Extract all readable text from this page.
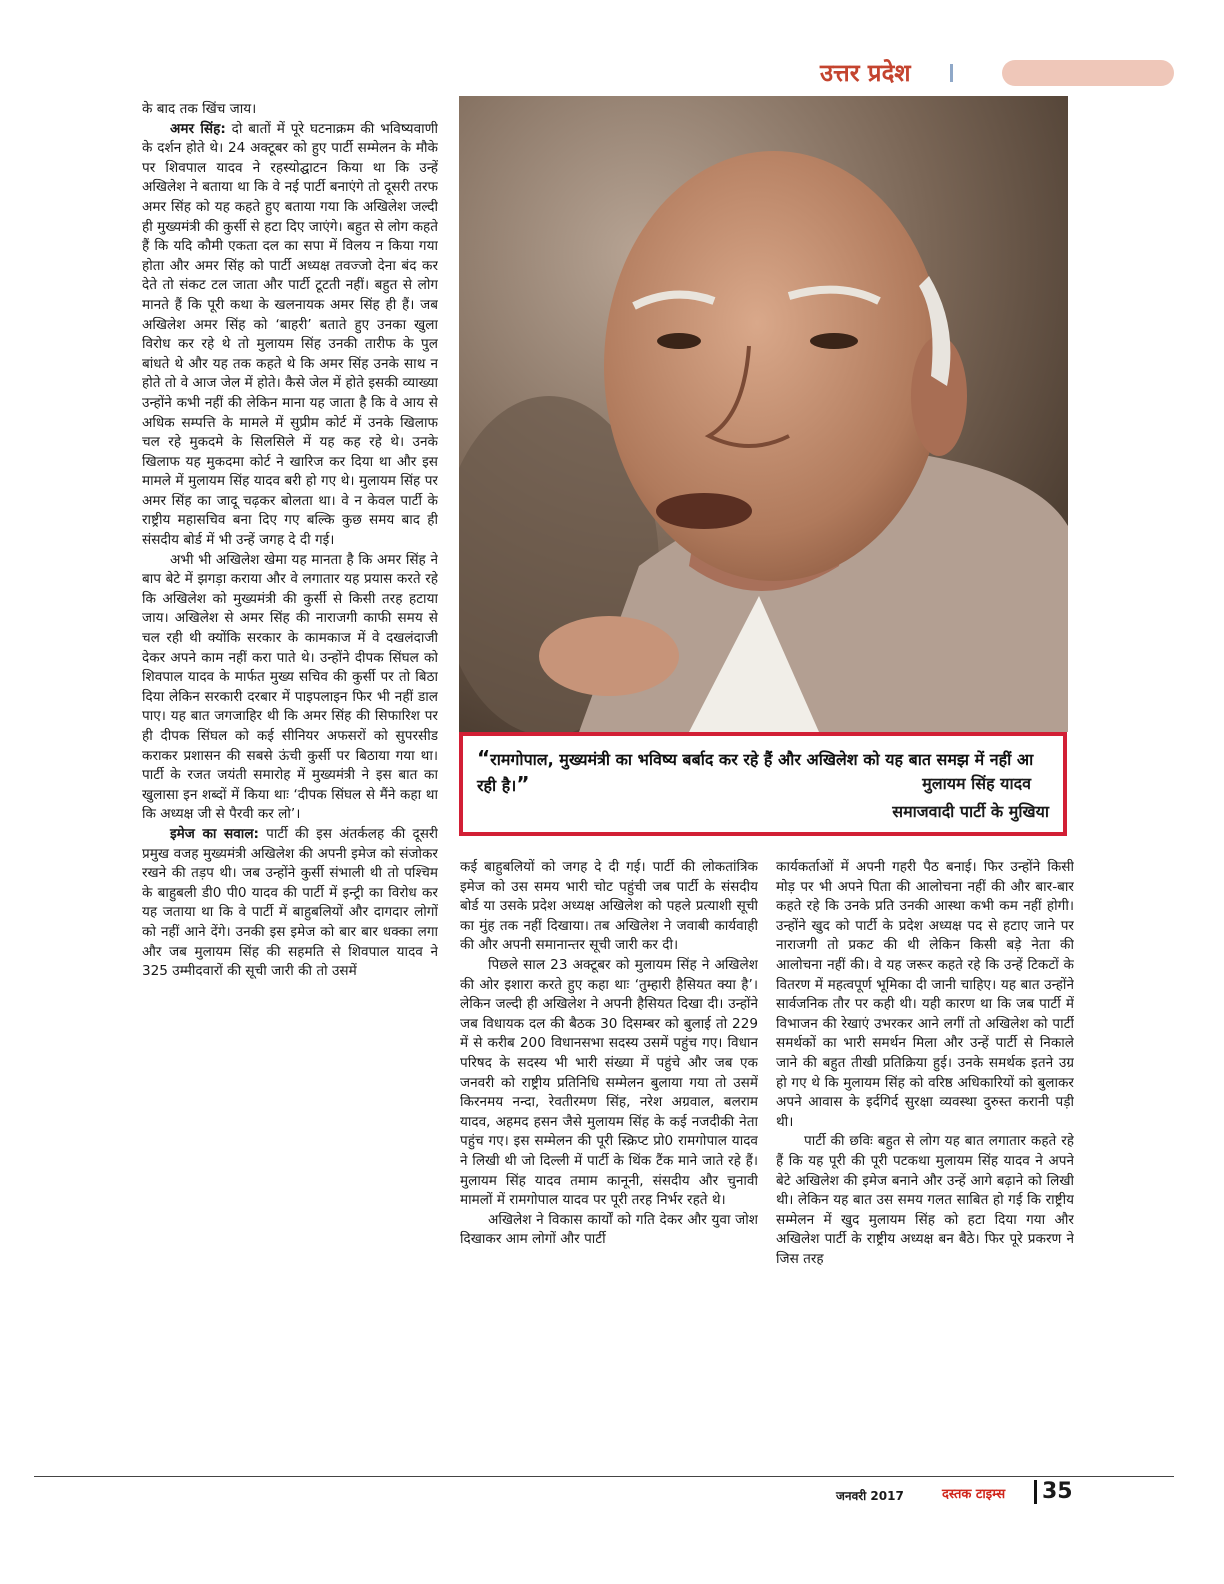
उत्तर प्रदेश

के बाद तक खिंच जाय।

अमर सिंह: दो बातों में पूरे घटनाक्रम की भविष्यवाणी के दर्शन होते थे। 24 अक्टूबर को हुए पार्टी सम्मेलन के मौके पर शिवपाल यादव ने रहस्योद्घाटन किया था कि उन्हें अखिलेश ने बताया था कि वे नई पार्टी बनाएंगे तो दूसरी तरफ अमर सिंह को यह कहते हुए बताया गया कि अखिलेश जल्दी ही मुख्यमंत्री की कुर्सी से हटा दिए जाएंगे। बहुत से लोग कहते हैं कि यदि कौमी एकता दल का सपा में विलय न किया गया होता और अमर सिंह को पार्टी अध्यक्ष तवज्जो देना बंद कर देते तो संकट टल जाता और पार्टी टूटती नहीं। बहुत से लोग मानते हैं कि पूरी कथा के खलनायक अमर सिंह ही हैं। जब अखिलेश अमर सिंह को ‘बाहरी’ बताते हुए उनका खुला विरोध कर रहे थे तो मुलायम सिंह उनकी तारीफ के पुल बांधते थे और यह तक कहते थे कि अमर सिंह उनके साथ न होते तो वे आज जेल में होते। कैसे जेल में होते इसकी व्याख्या उन्होंने कभी नहीं की लेकिन माना यह जाता है कि वे आय से अधिक सम्पत्ति के मामले में सुप्रीम कोर्ट में उनके खिलाफ चल रहे मुकदमे के सिलसिले में यह कह रहे थे। उनके खिलाफ यह मुकदमा कोर्ट ने खारिज कर दिया था और इस मामले में मुलायम सिंह यादव बरी हो गए थे। मुलायम सिंह पर अमर सिंह का जादू चढ़कर बोलता था। वे न केवल पार्टी के राष्ट्रीय महासचिव बना दिए गए बल्कि कुछ समय बाद ही संसदीय बोर्ड में भी उन्हें जगह दे दी गई।

अभी भी अखिलेश खेमा यह मानता है कि अमर सिंह ने बाप बेटे में झगड़ा कराया और वे लगातार यह प्रयास करते रहे कि अखिलेश को मुख्यमंत्री की कुर्सी से किसी तरह हटाया जाय। अखिलेश से अमर सिंह की नाराजगी काफी समय से चल रही थी क्योंकि सरकार के कामकाज में वे दखलंदाजी देकर अपने काम नहीं करा पाते थे। उन्होंने दीपक सिंघल को शिवपाल यादव के मार्फत मुख्य सचिव की कुर्सी पर तो बिठा दिया लेकिन सरकारी दरबार में पाइपलाइन फिर भी नहीं डाल पाए। यह बात जगजाहिर थी कि अमर सिंह की सिफारिश पर ही दीपक सिंघल को कई सीनियर अफसरों को सुपरसीड कराकर प्रशासन की सबसे ऊंची कुर्सी पर बिठाया गया था। पार्टी के रजत जयंती समारोह में मुख्यमंत्री ने इस बात का खुलासा इन शब्दों में किया थाः ‘दीपक सिंघल से मैंने कहा था कि अध्यक्ष जी से पैरवी कर लो’।

इमेज का सवाल: पार्टी की इस अंतर्कलह की दूसरी प्रमुख वजह मुख्यमंत्री अखिलेश की अपनी इमेज को संजोकर रखने की तड़प थी। जब उन्होंने कुर्सी संभाली थी तो पश्चिम के बाहुबली डी0 पी0 यादव की पार्टी में इन्ट्री का विरोध कर यह जताया था कि वे पार्टी में बाहुबलियों और दागदार लोगों को नहीं आने देंगे। उनकी इस इमेज को बार बार धक्का लगा और जब मुलायम सिंह की सहमति से शिवपाल यादव ने 325 उम्मीदवारों की सूची जारी की तो उसमें

“रामगोपाल, मुख्यमंत्री का भविष्य बर्बाद कर रहे हैं और अखिलेश को यह बात समझ में नहीं आ रही है।”	मुलायम सिंह यादव
समाजवादी पार्टी के मुखिया

कई बाहुबलियों को जगह दे दी गई। पार्टी की लोकतांत्रिक इमेज को उस समय भारी चोट पहुंची जब पार्टी के संसदीय बोर्ड या उसके प्रदेश अध्यक्ष अखिलेश को पहले प्रत्याशी सूची का मुंह तक नहीं दिखाया। तब अखिलेश ने जवाबी कार्यवाही की और अपनी समानान्तर सूची जारी कर दी।

पिछले साल 23 अक्टूबर को मुलायम सिंह ने अखिलेश की ओर इशारा करते हुए कहा थाः ‘तुम्हारी हैसियत क्या है’। लेकिन जल्दी ही अखिलेश ने अपनी हैसियत दिखा दी। उन्होंने जब विधायक दल की बैठक 30 दिसम्बर को बुलाई तो 229 में से करीब 200 विधानसभा सदस्य उसमें पहुंच गए। विधान परिषद के सदस्य भी भारी संख्या में पहुंचे और जब एक जनवरी को राष्ट्रीय प्रतिनिधि सम्मेलन बुलाया गया तो उसमें किरनमय नन्दा, रेवतीरमण सिंह, नरेश अग्रवाल, बलराम यादव, अहमद हसन जैसे मुलायम सिंह के कई नजदीकी नेता पहुंच गए। इस सम्मेलन की पूरी स्क्रिप्ट प्रो0 रामगोपाल यादव ने लिखी थी जो दिल्ली में पार्टी के थिंक टैंक माने जाते रहे हैं। मुलायम सिंह यादव तमाम कानूनी, संसदीय और चुनावी मामलों में रामगोपाल यादव पर पूरी तरह निर्भर रहते थे।

अखिलेश ने विकास कार्यों को गति देकर और युवा जोश दिखाकर आम लोगों और पार्टी

कार्यकर्ताओं में अपनी गहरी पैठ बनाई। फिर उन्होंने किसी मोड़ पर भी अपने पिता की आलोचना नहीं की और बार-बार कहते रहे कि उनके प्रति उनकी आस्था कभी कम नहीं होगी। उन्होंने खुद को पार्टी के प्रदेश अध्यक्ष पद से हटाए जाने पर नाराजगी तो प्रकट की थी लेकिन किसी बड़े नेता की आलोचना नहीं की। वे यह जरूर कहते रहे कि उन्हें टिकटों के वितरण में महत्वपूर्ण भूमिका दी जानी चाहिए। यह बात उन्होंने सार्वजनिक तौर पर कही थी। यही कारण था कि जब पार्टी में विभाजन की रेखाएं उभरकर आने लगीं तो अखिलेश को पार्टी समर्थकों का भारी समर्थन मिला और उन्हें पार्टी से निकाले जाने की बहुत तीखी प्रतिक्रिया हुई। उनके समर्थक इतने उग्र हो गए थे कि मुलायम सिंह को वरिष्ठ अधिकारियों को बुलाकर अपने आवास के इर्दगिर्द सुरक्षा व्यवस्था दुरुस्त करानी पड़ी थी।

पार्टी की छविः बहुत से लोग यह बात लगातार कहते रहे हैं कि यह पूरी की पूरी पटकथा मुलायम सिंह यादव ने अपने बेटे अखिलेश की इमेज बनाने और उन्हें आगे बढ़ाने को लिखी थी। लेकिन यह बात उस समय गलत साबित हो गई कि राष्ट्रीय सम्मेलन में खुद मुलायम सिंह को हटा दिया गया और अखिलेश पार्टी के राष्ट्रीय अध्यक्ष बन बैठे। फिर पूरे प्रकरण ने जिस तरह

जनवरी 2017	दस्तक टाइम्स 35
